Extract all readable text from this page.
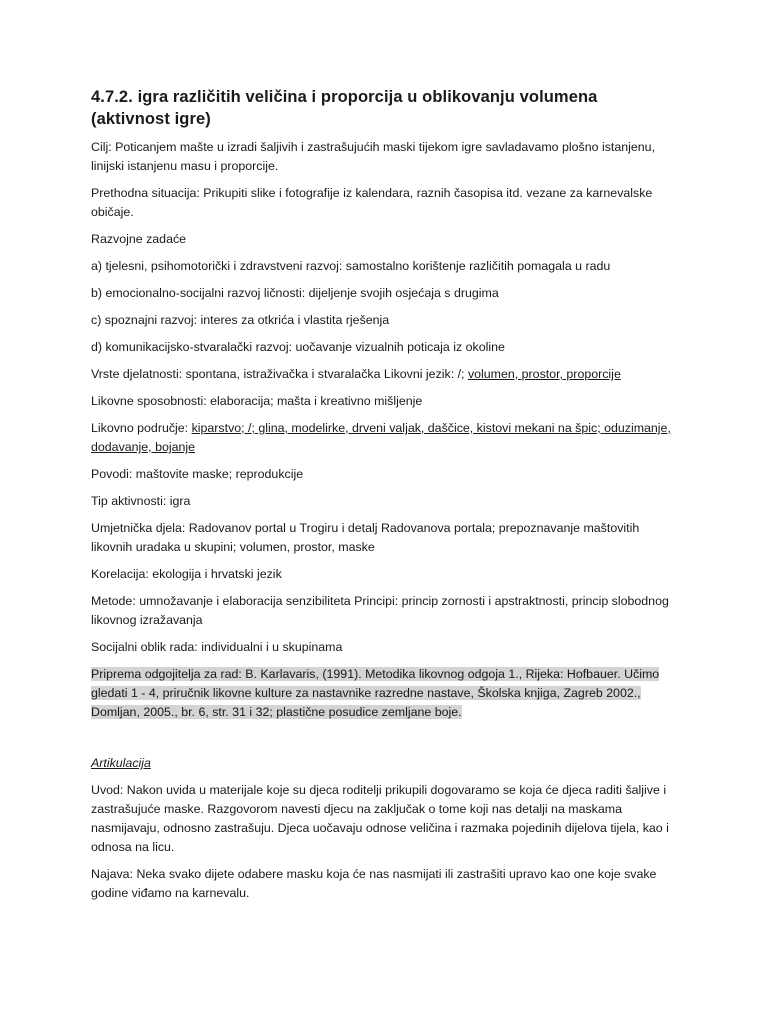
4.7.2. igra različitih veličina i proporcija u oblikovanju volumena (aktivnost igre)
Cilj: Poticanjem mašte u izradi šaljivih i zastrašujućih maski tijekom igre savladavamo plošno istanjenu, linijski istanjenu masu i proporcije.
Prethodna situacija: Prikupiti slike i fotografije iz kalendara, raznih časopisa itd. vezane za karnevalske običaje.
Razvojne zadaće
a) tjelesni, psihomotorički i zdravstveni razvoj: samostalno korištenje različitih pomagala u radu
b) emocionalno-socijalni razvoj ličnosti: dijeljenje svojih osjećaja s drugima
c) spoznajni razvoj: interes za otkrića i vlastita rješenja
d) komunikacijsko-stvaralački razvoj: uočavanje vizualnih poticaja iz okoline
Vrste djelatnosti: spontana, istraživačka i stvaralačka Likovni jezik: /; volumen, prostor, proporcije
Likovne sposobnosti: elaboracija; mašta i kreativno mišljenje
Likovno područje: kiparstvo; /; glina, modelirke, drveni valjak, daščice, kistovi mekani na špic; oduzimanje, dodavanje, bojanje
Povodi: maštovite maske; reprodukcije
Tip aktivnosti: igra
Umjetnička djela: Radovanov portal u Trogiru i detalj Radovanova portala; prepoznavanje maštovitih likovnih uradaka u skupini; volumen, prostor, maske
Korelacija: ekologija i hrvatski jezik
Metode: umnožavanje i elaboracija senzibiliteta Principi: princip zornosti i apstraktnosti, princip slobodnog likovnog izražavanja
Socijalni oblik rada: individualni i u skupinama
Priprema odgojitelja za rad: B. Karlavaris, (1991). Metodika likovnog odgoja 1., Rijeka: Hofbauer. Učimo gledati 1 - 4, priručnik likovne kulture za nastavnike razredne nastave, Školska knjiga, Zagreb 2002., Domljan, 2005., br. 6, str. 31 i 32; plastične posudice zemljane boje.
Artikulacija
Uvod: Nakon uvida u materijale koje su djeca roditelji prikupili dogovaramo se koja će djeca raditi šaljive i zastrašujuće maske. Razgovorom navesti djecu na zaključak o tome koji nas detalji na maskama nasmijavaju, odnosno zastrašuju. Djeca uočavaju odnose veličina i razmaka pojedinih dijelova tijela, kao i odnosa na licu.
Najava: Neka svako dijete odabere masku koja će nas nasmijati ili zastrašiti upravo kao one koje svake godine viđamo na karnevalu.
